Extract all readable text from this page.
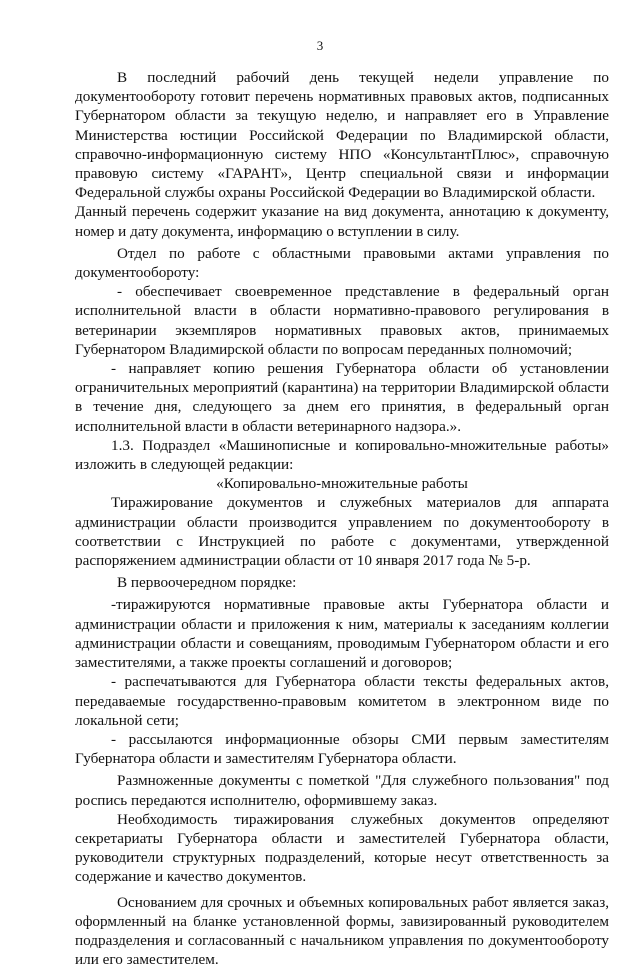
3

В последний рабочий день текущей недели управление по документообороту готовит перечень нормативных правовых актов, подписанных Губернатором области за текущую неделю, и направляет его в Управление Министерства юстиции Российской Федерации по Владимирской области, справочно-информационную систему НПО «КонсультантПлюс», справочную правовую систему «ГАРАНТ», Центр специальной связи и информации Федеральной службы охраны Российской Федерации во Владимирской области.

Данный перечень содержит указание на вид документа, аннотацию к документу, номер и дату документа, информацию о вступлении в силу.

Отдел по работе с областными правовыми актами управления по документообороту:

- обеспечивает своевременное представление в федеральный орган исполнительной власти в области нормативно-правового регулирования в ветеринарии экземпляров нормативных правовых актов, принимаемых Губернатором Владимирской области по вопросам переданных полномочий;

- направляет копию решения Губернатора области об установлении ограничительных мероприятий (карантина) на территории Владимирской области в течение дня, следующего за днем его принятия, в федеральный орган исполнительной власти в области ветеринарного надзора.».

1.3. Подраздел «Машинописные и копировально-множительные работы» изложить в следующей редакции:

«Копировально-множительные работы

Тиражирование документов и служебных материалов для аппарата администрации области производится управлением по документообороту в соответствии с Инструкцией по работе с документами, утвержденной распоряжением администрации области от 10 января 2017 года № 5-р.

В первоочередном порядке:

-тиражируются нормативные правовые акты Губернатора области и администрации области и приложения к ним, материалы к заседаниям коллегии администрации области и совещаниям, проводимым Губернатором области и его заместителями, а также проекты соглашений и договоров;

- распечатываются для Губернатора области тексты федеральных актов, передаваемые государственно-правовым комитетом в электронном виде по локальной сети;

- рассылаются информационные обзоры СМИ первым заместителям Губернатора области и заместителям Губернатора области.

Размноженные документы с пометкой "Для служебного пользования" под роспись передаются исполнителю, оформившему заказ.

Необходимость тиражирования служебных документов определяют секретариаты Губернатора области и заместителей Губернатора области, руководители структурных подразделений, которые несут ответственность за содержание и качество документов.

Основанием для срочных и объемных копировальных работ является заказ, оформленный на бланке установленной формы, завизированный руководителем подразделения и согласованный с начальником управления по документообороту или его заместителем.
